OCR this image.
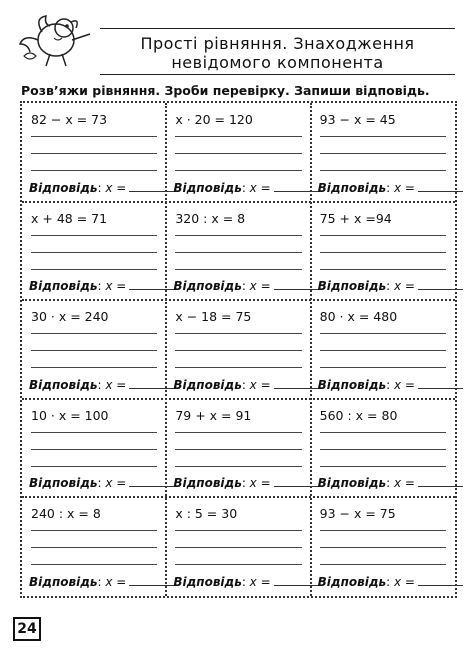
Прості рівняння. Знаходження
невідомого компонента
Розв’яжи рівняння. Зроби перевірку. Запиши відповідь.
82 − x = 73
Відповідь: x =
x · 20 = 120
Відповідь: x =
93 − x = 45
Відповідь: x =
x + 48 = 71
Відповідь: x =
320 : x = 8
Відповідь: x =
75 + x =94
Відповідь: x =
30 · x = 240
Відповідь: x =
x − 18 = 75
Відповідь: x =
80 · x = 480
Відповідь: x =
10 · x = 100
Відповідь: x =
79 + x = 91
Відповідь: x =
560 : x = 80
Відповідь: x =
240 : x = 8
Відповідь: x =
x : 5 = 30
Відповідь: x =
93 − x = 75
Відповідь: x =
24
